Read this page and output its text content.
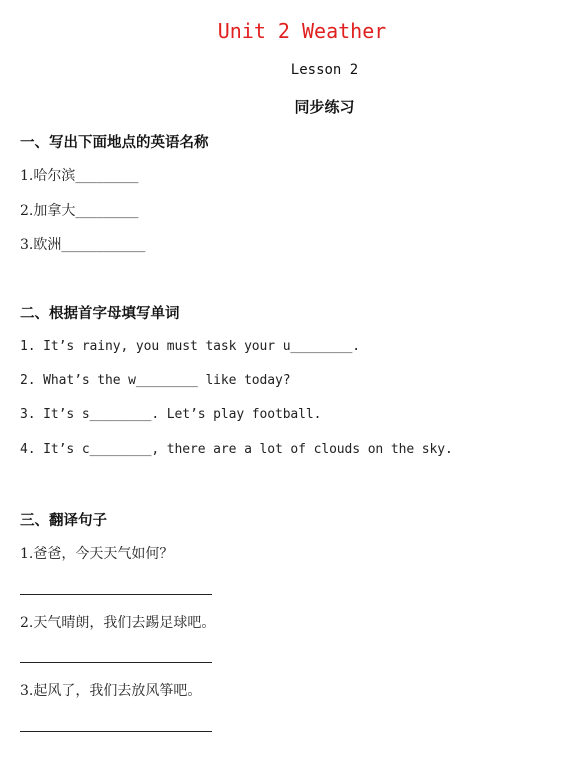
Unit 2 Weather
Lesson 2
同步练习
一、写出下面地点的英语名称
1.哈尔滨_________
2.加拿大_________
3.欧洲____________
二、根据首字母填写单词
1. It’s rainy, you must task your u________.
2. What’s the w________ like today?
3. It’s s________. Let’s play football.
4. It’s c________, there are a lot of clouds on the sky.
三、翻译句子
1.爸爸，今天天气如何？
2.天气晴朗，我们去踢足球吧。
3.起风了，我们去放风筝吧。
